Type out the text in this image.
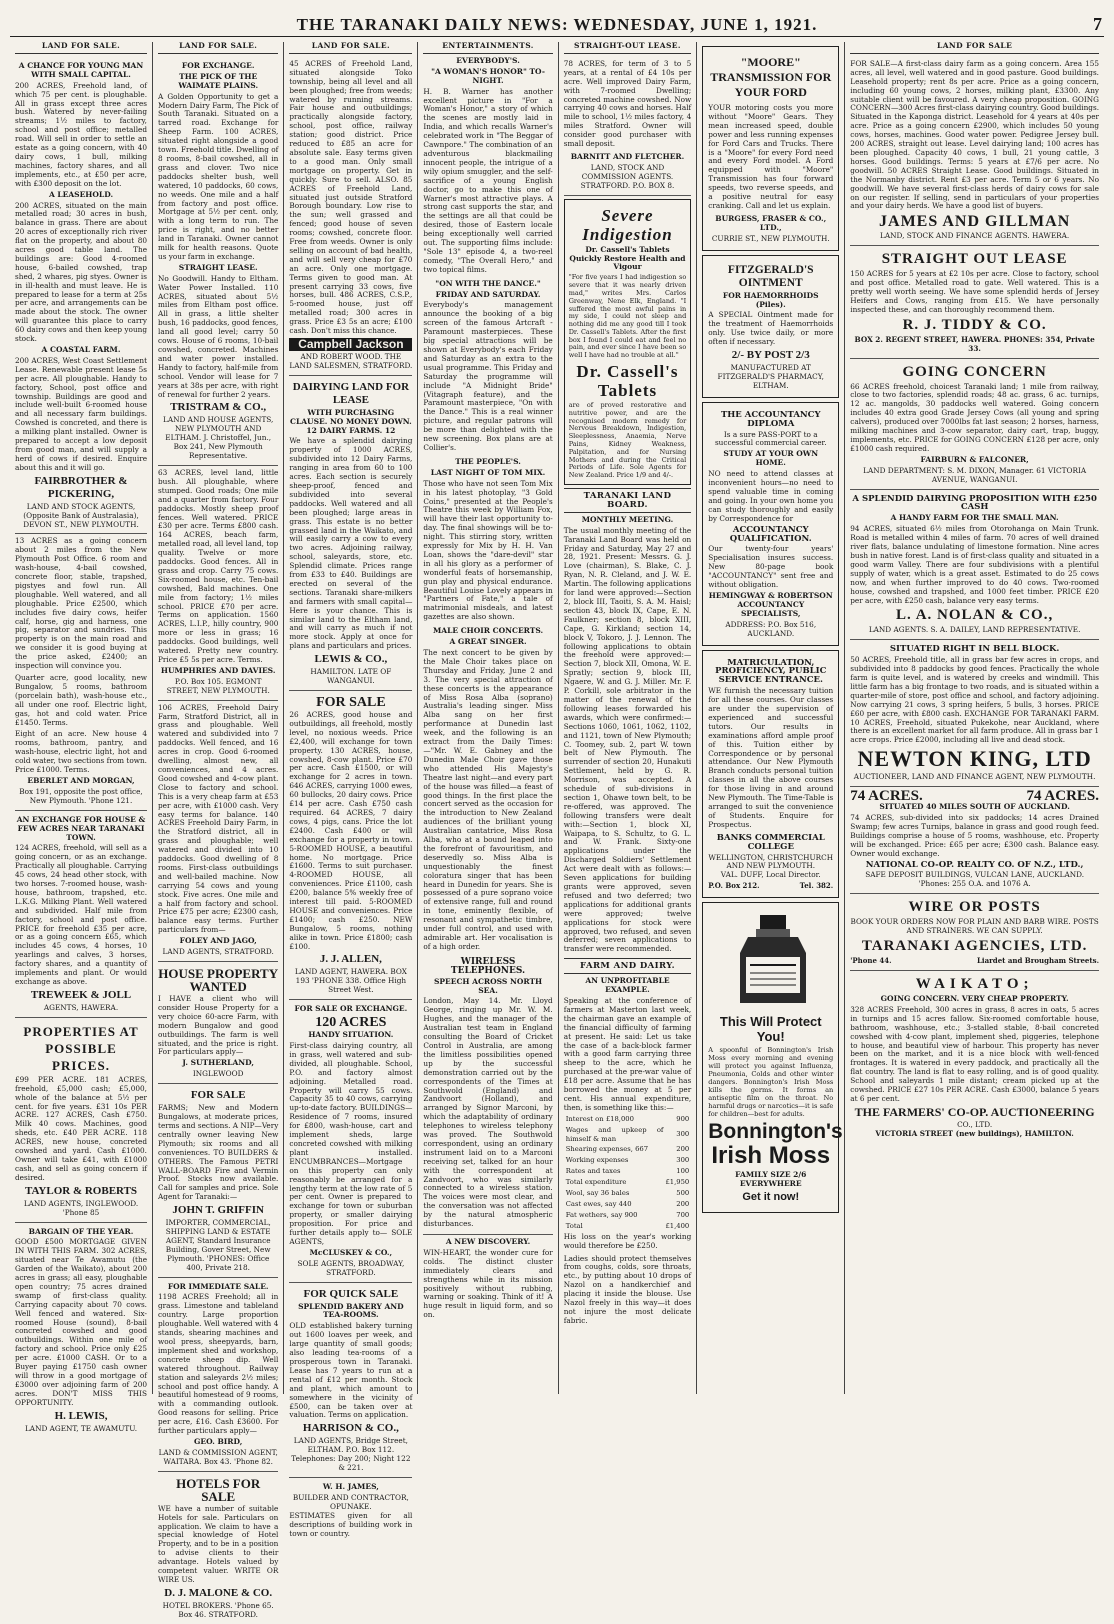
THE TARANAKI DAILY NEWS: WEDNESDAY, JUNE 1, 1921.	7
LAND FOR SALE.
A CHANCE FOR YOUNG MAN WITH SMALL CAPITAL.
200 ACRES, Freehold land, of which 75 per cent. is ploughable. All in grass except three acres bush. Watered by never-failing streams; 1½ miles to factory, school and post office; metalled road. Will sell in order to settle an estate as a going concern, with 40 dairy cows, 1 bull, milking machines, factory shares, and all implements, etc., at £50 per acre, with £300 deposit on the lot.
A LEASEHOLD.
200 ACRES, situated on the main metalled road; 30 acres in bush, balance in grass. There are about 20 acres of exceptionally rich river flat on the property, and about 80 acres good table land. The buildings are: Good 4-roomed house, 6-bailed cowshed, trap shed, 2 whares, pig styes. Owner is in ill-health and must leave. He is prepared to lease for a term at 25s per acre, and arrangements can be made about the stock. The owner will guarantee this place to carry 60 dairy cows and then keep young stock.
A COASTAL FARM.
200 ACRES, West Coast Settlement Lease. Renewable present lease 5s per acre. All ploughable. Handy to factory, School, post office and township. Buildings are good and include well-built 6-roomed house and all necessary farm buildings. Cowshed is concreted, and there is a milking plant installed. Owner is prepared to accept a low deposit from good man, and will supply a herd of cows if desired. Enquire about this and it will go.
FAIRBROTHER & PICKERING,
LAND AND STOCK AGENTS, (Opposite Bank of Australasia), DEVON ST., NEW PLYMOUTH.
13 ACRES as a going concern about 2 miles from the New Plymouth Post Office. 6 room and wash-house, 4-bail cowshed, concrete floor, stable, trapshed, pigstyes and fowl run. All ploughable. Well watered, and all ploughable. Price £2500, which includes five dairy cows, heifer calf, horse, gig and harness, one pig, separator and sundries. This property is on the main road and we consider it is good buying at the price asked, £2400; an inspection will convince you.
Quarter acre, good locality, new Bungalow, 5 rooms, bathroom (porcelain bath), wash-house etc., all under one roof. Electric light, gas, hot and cold water. Price £1450. Terms.
Eight of an acre. New house 4 rooms, bathroom, pantry, and wash-house, electric light, hot and cold water, two sections from town. Price £1000. Terms.
EBERLET AND MORGAN,
Box 191, opposite the post office, New Plymouth. 'Phone 121.
AN EXCHANGE FOR HOUSE & FEW ACRES NEAR TARANAKI TOWN.
124 ACRES, freehold, will sell as a going concern, or as an exchange. Practically all ploughable. Carrying 45 cows, 24 head other stock, with two horses. 7-roomed house, wash-house, bathroom, trapshed, etc. L.K.G. Milking Plant. Well watered and subdivided. Half mile from factory, school and post office. PRICE for freehold £35 per acre, or as a going concern £65, which includes 45 cows, 4 horses, 10 yearlings and calves, 3 horses, factory shares, and a quantity of implements and plant. Or would exchange as above.
TREWEEK & JOLL
AGENTS, HAWERA.
PROPERTIES AT POSSIBLE PRICES.
£99 PER ACRE. 181 ACRES, freehold, £5,000 cash; £5,000, whole of the balance at 5½ per cent. for five years. £31 10s PER ACRE. 127 ACRES, Cash £750. Milk 40 cows. Machines, good sheds, etc. £40 PER ACRE. 118 ACRES, new house, concreted cowshed and yard. Cash £1000. Owner will take £41, with £1000 cash, and sell as going concern if desired.
TAYLOR & ROBERTS
LAND AGENTS, INGLEWOOD. 'Phone 85
BARGAIN OF THE YEAR.
GOOD £500 MORTGAGE GIVEN IN WITH THIS FARM. 302 ACRES, situated near Te Awamutu (the Garden of the Waikato), about 200 acres in grass; all easy, ploughable open country; 75 acres drained swamp of first-class quality. Carrying capacity about 70 cows. Well fenced and watered. Six-roomed House (sound), 8-bail concreted cowshed and good outbuildings. Within one mile of factory and school. Price only £25 per acre. £1000 CASH. Or to a Buyer paying £1750 cash owner will throw in a good mortgage of £3000 over adjoining farm of 200 acres. DON'T MISS THIS OPPORTUNITY.
H. LEWIS,
LAND AGENT, TE AWAMUTU.
LAND FOR SALE.
FOR EXCHANGE.
THE PICK OF THE WAIMATE PLAINS.
A Golden Opportunity to get a Modern Dairy Farm, The Pick of South Taranaki. Situated on a tarred road. Exchange for Sheep Farm. 100 ACRES, situated right alongside a good town. Freehold title. Dwelling of 8 rooms, 8-bail cowshed, all in grass and clover. Two nice paddocks shelter bush, well watered, 10 paddocks, 60 cows, no weeds. One mile and a half from factory and post office. Mortgage at 5½ per cent. only, with a long term to run. The price is right, and no better land in Taranaki. Owner cannot milk for health reasons. Quote us your farm in exchange.
STRAIGHT LEASE.
No Goodwill. Handy to Eltham. Water Power Installed. 110 ACRES, situated about 5½ miles from Eltham post office. All in grass, a little shelter bush, 16 paddocks, good fences, land all good level; carry 50 cows. House of 6 rooms, 10-bail cowshed, concreted. Machines and water power installed. Handy to factory, half-mile from school. Vendor will lease for 7 years at 38s per acre, with right of renewal for further 2 years.
TRISTRAM & CO.,
LAND AND HOUSE AGENTS, NEW PLYMOUTH AND ELTHAM. J. Christoffel, Jun., Box 241, New Plymouth Representative.
63 ACRES, level land, little bush. All ploughable, where stumped. Good roads; One mile and a quarter from factory. Four paddocks. Mostly sheep proof fences. Well watered. PRICE £30 per acre. Terms £800 cash. 164 ACRES, beach farm, metalled road, all level land, top quality. Twelve or more paddocks. Good fences. All in grass and crop. Carry 75 cows. Six-roomed house, etc. Ten-bail cowshed, Bald machines. One mile from factory; 1½ miles school. PRICE £70 per acre. Terms on application. 1560 ACRES, L.I.P., hilly country, 900 more or less in grass; 16 paddocks. Good buildings, well watered. Pretty new country. Price £5 5s per acre. Terms.
HUMPHRIES AND DAVIES.
P.O. Box 105. EGMONT STREET, NEW PLYMOUTH.
106 ACRES, Freehold Dairy Farm, Stratford District, all in grass and ploughable. Well watered and subdivided into 7 paddocks. Well fenced, and 16 acres in crop. Good 6-roomed dwelling, almost new, all conveniences, and 4 acres. Good cowshed and 4-cow plant. Close to factory and school. This is a very cheap farm at £53 per acre, with £1000 cash. Very easy terms for balance. 140 ACRES Freehold Dairy Farm, in the Stratford district, all in grass and ploughable; well watered and divided into 10 paddocks. Good dwelling of 8 rooms. First-class outbuildings and well-bailed machine. Now carrying 54 cows and young stock. Five acres. One mile and a half from factory and school. Price £75 per acre; £2300 cash, balance easy terms. Further particulars from—
FOLEY AND JAGO,
LAND AGENTS, STRATFORD.
HOUSE PROPERTY WANTED
I HAVE a client who will consider House Property for a very choice 60-acre Farm, with modern Bungalow and good outbuildings. The farm is well situated, and the price is right. For particulars apply—
J. SUTHERLAND,
INGLEWOOD
FOR SALE
FARMS; New and Modern Bungalows, at moderate prices, terms and sections. A NIP—Very centrally owner leaving New Plymouth; six rooms and all conveniences. TO BUILDERS & OTHERS. The Famous PETRI WALL-BOARD Fire and Vermin Proof. Stocks now available. Call for samples and price. Sole Agent for Taranaki:—
JOHN T. GRIFFIN
IMPORTER, COMMERCIAL, SHIPPING LAND & ESTATE AGENT, Standard Insurance Building, Gover Street, New Plymouth. 'PHONES: Office 400, Private 218.
FOR IMMEDIATE SALE.
1198 ACRES Freehold; all in grass. Limestone and tableland country. Large proportion ploughable. Well watered with 4 stands, shearing machines and wool press, sheepyards, barn, implement shed and workshop, concrete sheep dip. Well watered throughout. Railway station and saleyards 2½ miles; school and post office handy. A beautiful homestead of 9 rooms, with a commanding outlook. Good reasons for selling. Price per acre, £16. Cash £3600. For further particulars apply—
GEO. BIRD,
LAND & COMMISSION AGENT, WAITARA. Box 43. 'Phone 82.
HOTELS FOR SALE
WE have a number of suitable Hotels for sale. Particulars on application. We claim to have a special knowledge of Hotel Property, and to be in a position to advise clients to their advantage. Hotels valued by competent valuer. WRITE OR WIRE US.
D. J. MALONE & CO.
HOTEL BROKERS. 'Phone 65. Box 46. STRATFORD.
LAND FOR SALE.
45 ACRES of Freehold Land, situated alongside Toko township, being all level and all been ploughed; free from weeds; watered by running streams. Fair house and outbuildings; practically alongside factory, school, post office, railway station; good district. Price reduced to £85 an acre for absolute sale. Easy terms given to a good man. Only small mortgage on property. Get in quickly. Sure to sell. ALSO. 85 ACRES of Freehold Land, situated just outside Stratford Borough boundary. Low rise to the sun; well grassed and fenced; good house of seven rooms; cowshed, concrete floor. Free from weeds. Owner is only selling on account of bad health, and will sell very cheap for £70 an acre. Only one mortgage. Terms given to good man. At present carrying 33 cows, five horses, bull. 486 ACRES, C.S.P., 5-roomed house, just off metalled road; 300 acres in grass. Price £3 5s an acre; £100 cash. Don't miss this chance.
Campbell Jackson
AND ROBERT WOOD. THE LAND SALESMEN, STRATFORD.
DAIRYING LAND FOR LEASE
WITH PURCHASING CLAUSE. NO MONEY DOWN. 12 DAIRY FARMS. 12
We have a splendid dairying property of 1000 ACRES, subdivided into 12 Dairy Farms, ranging in area from 60 to 100 acres. Each section is securely sheep-proof, fenced and subdivided into several paddocks. Well watered and all been ploughed; large areas in grass. This estate is no better grassed land in the Waikato, and will easily carry a cow to every two acres. Adjoining railway, school, saleyards, store, etc. Splendid climate. Prices range from £33 to £40. Buildings are erected on several of the sections. Taranaki share-milkers and farmers with small capital—Here is your chance. This is similar land to the Eltham land, and will carry as much if not more stock. Apply at once for plans and particulars and prices.
LEWIS & CO.,
HAMILTON. LATE OF WANGANUI.
FOR SALE
26 ACRES, good house and outbuildings, all freehold, mostly level, no noxious weeds. Price £2,400, will exchange for town property. 130 ACRES, house, cowshed, 8-cow plant. Price £70 per acre. Cash £1500, or will exchange for 2 acres in town. 646 ACRES, carrying 1000 ewes, 60 bullocks, 20 dairy cows. Price £14 per acre. Cash £750 cash required. 64 ACRES, 7 dairy cows, 4 pigs, cans. Price the lot £2400. Cash £400 or will exchange for a property in town. 5-ROOMED HOUSE, a beautiful home. No mortgage. Price £1600. Terms to suit purchaser. 4-ROOMED HOUSE, all conveniences. Price £1100, cash £200, balance 5% weekly free of interest till paid. 5-ROOMED HOUSE and conveniences. Price £1400; cash £250. NEW Bungalow, 5 rooms, nothing alike in town. Price £1800; cash £100.
J. J. ALLEN,
LAND AGENT, HAWERA. BOX 193 'PHONE 338. Office High Street West.
FOR SALE OR EXCHANGE.
120 ACRES
HANDY SITUATION.
First-class dairying country, all in grass, well watered and sub-divided, all ploughable. School, P.O. and factory almost adjoining. Metalled road. Property will carry 55 cows. Capacity 35 to 40 cows, carrying up-to-date factory. BUILDINGS—Residence of 7 rooms, insured for £800, wash-house, cart and implement sheds, large concreted cowshed with milking plant installed. ENCUMBRANCES—Mortgage on this property can only reasonably be arranged for a lengthy term at the low rate of 5 per cent. Owner is prepared to exchange for town or suburban property, or smaller dairying proposition. For price and further details apply to— SOLE AGENTS,
McCLUSKEY & CO.,
SOLE AGENTS, BROADWAY, STRATFORD.
FOR QUICK SALE
SPLENDID BAKERY AND TEA-ROOMS.
OLD established bakery turning out 1600 loaves per week, and large quantity of small goods; also leading tea-rooms of a prosperous town in Taranaki. Lease has 7 years to run at a rental of £12 per month. Stock and plant, which amount to somewhere in the vicinity of £500, can be taken over at valuation. Terms on application.
HARRISON & CO.,
LAND AGENTS, Bridge Street, ELTHAM. P.O. Box 112. Telephones: Day 200; Night 122 & 221.
W. H. JAMES,
BUILDER AND CONTRACTOR, OPUNAKE.
ESTIMATES given for all descriptions of building work in town or country.
ENTERTAINMENTS.
EVERYBODY'S.
"A WOMAN'S HONOR" TO-NIGHT.
H. B. Warner has another excellent picture in "For a Woman's Honor," a story of which the scenes are mostly laid in India, and which recalls Warner's celebrated work in "The Beggar of Cawnpore." The combination of an adventurous blackmailing innocent people, the intrigue of a wily opium smuggler, and the self-sacrifice of a young English doctor, go to make this one of Warner's most attractive plays. A strong cast supports the star, and the settings are all that could be desired, those of Eastern locale being exceptionally well carried out. The supporting films include: "Sole 13" episode 4, a two-reel comedy, "The Overall Hero," and two topical films.
"ON WITH THE DANCE."
FRIDAY AND SATURDAY.
Everybody's management announce the booking of a big screen of the famous Artcraft - Paramount masterpieces. These big special attractions will be shown at Everybody's each Friday and Saturday as an extra to the usual programme. This Friday and Saturday the programme will include "A Midnight Bride" (Vitagraph feature), and the Paramount masterpiece, "On with the Dance." This is a real winner picture, and regular patrons will be more than delighted with the new screening. Box plans are at Collier's.
THE PEOPLE'S.
LAST NIGHT OF TOM MIX.
Those who have not seen Tom Mix in his latest photoplay, "3 Gold Coins," presented at the People's Theatre this week by William Fox, will have their last opportunity to-day. The final showings will be to-night. This stirring story, written expressly for Mix by H. H. Van Loan, shows the "dare-devil" star in all his glory as a performer of wonderful feats of horsemanship, gun play and physical endurance. Beautiful Louise Lovely appears in "Partners of Fate," a tale of matrimonial misdeals, and latest gazettes are also shown.
MALE CHOIR CONCERTS.
A GREAT SINGER.
The next concert to be given by the Male Choir takes place on Thursday and Friday, June 2 and 3. The very special attraction of these concerts is the appearance of Miss Rosa Alba (soprano) Australia's leading singer. Miss Alba sang on her first performance at Dunedin last week, and the following is an extract from the Daily Times:—"Mr. W. E. Gabney and the Dunedin Male Choir gave those who attended His Majesty's Theatre last night—and every part of the house was filled—a feast of good things. In the first place the concert served as the occasion for the introduction to New Zealand audiences of the brilliant young Australian cantatrice, Miss Rosa Alba, who at a bound leaped into the forefront of favouritism, and deservedly so. Miss Alba is unquestionably the finest coloratura singer that has been heard in Dunedin for years. She is possessed of a pure soprano voice of extensive range, full and round in tone, eminently flexible, of resonant and sympathetic timbre, under full control, and used with admirable art. Her vocalisation is of a high order.
WIRELESS TELEPHONES.
SPEECH ACROSS NORTH SEA.
London, May 14. Mr. Lloyd George, ringing up Mr. W. M. Hughes, and the manager of the Australian test team in England consulting the Board of Cricket Control in Australia, are among the limitless possibilities opened up by the successful demonstration carried out by the correspondents of the Times at Southwold (England) and Zandvoort (Holland), and arranged by Signor Marconi, by which the adaptability of ordinary telephones to wireless telephony was proved. The Southwold correspondent, using an ordinary instrument laid on to a Marconi receiving set, talked for an hour with the correspondent at Zandvoort, who was similarly connected to a wireless station. The voices were most clear, and the conversation was not affected by the natural atmospheric disturbances.
A NEW DISCOVERY.
WIN-HEART, the wonder cure for colds. The distinct cluster immediately clears and strengthens while in its mission positively without rubbing, warning or soaking. Think of it! A huge result in liquid form, and so on.
STRAIGHT-OUT LEASE.
78 ACRES, for term of 3 to 5 years, at a rental of £4 10s per acre. Well improved Dairy Farm, with 7-roomed Dwelling; concreted machine cowshed. Now carrying 40 cows and horses. Half mile to school, 1½ miles factory, 4 miles Stratford. Owner will consider good purchaser with small deposit.
BARNITT AND FLETCHER.
LAND, STOCK AND COMMISSION AGENTS. STRATFORD. P.O. BOX 8.
Severe Indigestion
Dr. Cassell's Tablets Quickly Restore Health and Vigour
"For five years I had indigestion so severe that it was nearly driven mad," writes Mrs. Carlos Greenway, Nene Elk, England. "I suffered the most awful pains in my side, I could not sleep and nothing did me any good till I took Dr. Cassell's Tablets. After the first box I found I could eat and feel no pain, and ever since I have been so well I have had no trouble at all."
Dr. Cassell's Tablets
are of proved restorative and nutritive power, and are the recognised modern remedy for Nervous Breakdown, Indigestion, Sleeplessness, Anaemia, Nerve Pains, Kidney Weakness, Palpitation, and for Nursing Mothers and during the Critical Periods of Life. Sole Agents for New Zealand. Price 1/9 and 4/-.
TARANAKI LAND BOARD.
MONTHLY MEETING.
The usual monthly meeting of the Taranaki Land Board was held on Friday and Saturday, May 27 and 28, 1921. Present: Messrs. G. J. Love (chairman), S. Blake, C. J. Ryan, N. R. Cleland, and J. W. E. Martin. The following applications for land were approved:—Section 2, block III, Taoiti, S. A. M. Haisl; section 43, block IX, Cape, E. N. Faulkner; section 8, block XIII, Cape, G. Kirkland; section 14, block V, Tokoro, J. J. Lennon. The following applications to obtain the freehold were approved:—Section 7, block XII, Omona, W. E. Spratly; section 9, block III, Ngaere, W. and G. J. Miller. Mr. F. P. Corkill, sole arbitrator in the matter of the renewal of the following leases forwarded his awards, which were confirmed:—Sections 1060, 1061, 1062, 1102, and 1121, town of New Plymouth; C. Toomey, sub. 2, part W. town belt of New Plymouth. The surrender of section 20, Hunakuti Settlement, held by G. R. Morrison, was accepted. A schedule of sub-divisions in section 1, Ohawe town belt, to be re-offered, was approved. The following transfers were dealt with:—Section 1, block XI, Waipapa, to S. Schultz, to G. L. and W. Frank. Sixty-one applications under the Discharged Soldiers' Settlement Act were dealt with as follows:—Seven applications for building grants were approved, seven refused and two deferred; two applications for additional grants were approved; twelve applications for stock were approved, two refused, and seven deferred; seven applications to transfer were recommended.
FARM AND DAIRY.
AN UNPROFITABLE EXAMPLE.
Speaking at the conference of farmers at Masterton last week, the chairman gave an example of the financial difficulty of farming at present. He said: Let us take the case of a back-block farmer with a good farm carrying three sheep to the acre, which he purchased at the pre-war value of £18 per acre. Assume that he has borrowed the money at 5 per cent. His annual expenditure, then, is something like this:—
Interest on £18,000	900
Wages and upkeep of himself & man	300
Shearing expenses, 667	200
Working expenses	300
Rates and taxes	100
Total expenditure	£1,950
Wool, say 36 bales	500
Cast ewes, say 440	200
Fat wethers, say 900	700
Total	£1,400
His loss on the year's working would therefore be £250.
Ladies should protect themselves from coughs, colds, sore throats, etc., by putting about 10 drops of Nazol on a handkerchief and placing it inside the blouse. Use Nazol freely in this way—it does not injure the most delicate fabric.
"MOORE" TRANSMISSION FOR YOUR FORD
YOUR motoring costs you more without "Moore" Gears. They mean increased speed, double power and less running expenses for Ford Cars and Trucks. There is a "Moore" for every Ford need and every Ford model. A Ford equipped with "Moore" Transmission has four forward speeds, two reverse speeds, and a positive neutral for easy cranking. Call and let us explain.
BURGESS, FRASER & CO., LTD.,
CURRIE ST., NEW PLYMOUTH.
FITZGERALD'S OINTMENT
FOR HAEMORRHOIDS (Piles).
A SPECIAL Ointment made for the treatment of Haemorrhoids only. Use twice daily, or more often if necessary.
2/- BY POST 2/3
MANUFACTURED AT FITZGERALD'S PHARMACY, ELTHAM.
THE ACCOUNTANCY DIPLOMA
Is a sure PASS-PORT to a successful commercial career.
STUDY AT YOUR OWN HOME.
NO need to attend classes at inconvenient hours—no need to spend valuable time in coming and going. In your own home you can study thoroughly and easily by Correspondence for
ACCOUNTANCY QUALIFICATION.
Our twenty-four years' Specialisation insures success. New 80-page book "ACCOUNTANCY" sent free and without obligation.
HEMINGWAY & ROBERTSON ACCOUNTANCY SPECIALISTS,
ADDRESS: P.O. Box 516, AUCKLAND.
MATRICULATION, PROFICIENCY, PUBLIC SERVICE ENTRANCE.
WE furnish the necessary tuition for all these courses. Our classes are under the supervision of experienced and successful tutors. Our results in examinations afford ample proof of this. Tuition either by Correspondence or by personal attendance. Our New Plymouth Branch conducts personal tuition classes in all the above courses for those living in and around New Plymouth. The Time-Table is arranged to suit the convenience of Students. Enquire for Prospectus.
BANKS COMMERCIAL COLLEGE
WELLINGTON, CHRISTCHURCH AND NEW PLYMOUTH.
VAL. DUFF, Local Director.
P.O. Box 212.	Tel. 382.
This Will Protect You!
A spoonful of Bonnington's Irish Moss every morning and evening will protect you against Influenza, Pneumonia, Colds and other winter dangers. Bonnington's Irish Moss kills the germs. It forms an antiseptic film on the throat. No harmful drugs or narcotics—it is safe for children—best for adults.
Bonnington's
Irish Moss
FAMILY SIZE 2/6 EVERYWHERE
Get it now!
LAND FOR SALE
FOR SALE—A first-class dairy farm as a going concern. Area 155 acres, all level, well watered and in good pasture. Good buildings. Leasehold property; rent 8s per acre. Price as a going concern, including 60 young cows, 2 horses, milking plant, £3300. Any suitable client will be favoured. A very cheap proposition. GOING CONCERN—300 Acres first-class dairying country. Good buildings. Situated in the Kaponga district. Leasehold for 4 years at 40s per acre. Price as a going concern £2900, which includes 50 young cows, horses, machines. Good water power. Pedigree Jersey bull. 200 ACRES, straight out lease. Level dairying land; 100 acres has been ploughed. Capacity 40 cows, 1 bull, 21 young cattle, 3 horses. Good buildings. Terms: 5 years at £7/6 per acre. No goodwill. 50 ACRES Straight Lease. Good buildings. Situated in the Normanby district. Rent £3 per acre. Term 5 or 6 years. No goodwill. We have several first-class herds of dairy cows for sale on our register. If selling, send in particulars of your properties and your dairy herds. We have a good list of buyers.
JAMES AND GILLMAN
LAND, STOCK AND FINANCE AGENTS. HAWERA.
STRAIGHT OUT LEASE
150 ACRES for 5 years at £2 10s per acre. Close to factory, school and post office. Metalled road to gate. Well watered. This is a pretty well worth seeing. We have some splendid herds of Jersey Heifers and Cows, ranging from £15. We have personally inspected these, and can thoroughly recommend them.
R. J. TIDDY & CO.
BOX 2. REGENT STREET, HAWERA. PHONES: 354, Private 33.
GOING CONCERN
66 ACRES freehold, choicest Taranaki land; 1 mile from railway, close to two factories, splendid roads; 48 ac. grass, 6 ac. turnips, 12 ac. mangolds, 30 paddocks well watered. Going concern includes 40 extra good Grade Jersey Cows (all young and spring calvers), produced over 7000lbs fat last season; 2 horses, harness, milking machines and 3-cow separator, dairy cart, trap, buggy, implements, etc. PRICE for GOING CONCERN £128 per acre, only £1000 cash required.
FAIRBURN & FALCONER,
LAND DEPARTMENT: S. M. DIXON, Manager. 61 VICTORIA AVENUE, WANGANUI.
A SPLENDID DAIRYING PROPOSITION WITH £250 CASH
A HANDY FARM FOR THE SMALL MAN.
94 ACRES, situated 6½ miles from Otorohanga on Main Trunk. Road is metalled within 4 miles of farm. 70 acres of well drained river flats, balance undulating of limestone formation. Nine acres bush in native forest. Land is of first-class quality and situated in a good warm Valley. There are four subdivisions with a plentiful supply of water, which is a great asset. Estimated to do 25 cows now, and when further improved to do 40 cows. Two-roomed house, cowshed and trapshed, and 1000 feet timber. PRICE £20 per acre, with £250 cash, balance very easy terms.
L. A. NOLAN & CO.,
LAND AGENTS. S. A. DAILEY, LAND REPRESENTATIVE.
SITUATED RIGHT IN BELL BLOCK.
50 ACRES, Freehold title, all in grass bar few acres in crops, and subdivided into 8 paddocks by good fences. Practically the whole farm is quite level, and is watered by creeks and windmill. This little farm has a big frontage to two roads, and is situated within a quarter-mile of store, post office and school, and factory adjoining. Now carrying 21 cows, 3 spring heifers, 5 bulls, 3 horses. PRICE £60 per acre, with £800 cash. EXCHANGE FOR TARANAKI FARM. 10 ACRES, Freehold, situated Pukekohe, near Auckland, where there is an excellent market for all farm produce. All in grass bar 1 acre crops. Price £2000, including all live and dead stock.
NEWTON KING, LTD
AUCTIONEER, LAND AND FINANCE AGENT, NEW PLYMOUTH.
74 ACRES.	74 ACRES.
SITUATED 40 MILES SOUTH OF AUCKLAND.
74 ACRES, sub-divided into six paddocks; 14 acres Drained Swamp; few acres Turnips, balance in grass and good rough feed. Buildings comprise a house of 5 rooms, washhouse, etc. Property will be exchanged. Price: £65 per acre; £300 cash. Balance easy. Owner would exchange.
NATIONAL CO-OP. REALTY CO. OF N.Z., LTD.,
SAFE DEPOSIT BUILDINGS, VULCAN LANE, AUCKLAND. 'Phones: 255 O.A. and 1076 A.
WIRE OR POSTS
BOOK YOUR ORDERS NOW FOR PLAIN AND BARB WIRE. POSTS AND STRAINERS. WE CAN SUPPLY.
TARANAKI AGENCIES, LTD.
'Phone 44.	Liardet and Brougham Streets.
WAIKATO;
GOING CONCERN. VERY CHEAP PROPERTY.
328 ACRES Freehold, 300 acres in grass, 8 acres in oats, 5 acres in turnips and 15 acres fallow. Six-roomed comfortable house, bathroom, washhouse, etc.; 3-stalled stable, 8-bail concreted cowshed with 4-cow plant, implement shed, piggeries, telephone to house, and beautiful view of harbour. This property has never been on the market, and it is a nice block with well-fenced frontages. It is watered in every paddock, and practically all the flat country. The land is flat to easy rolling, and is of good quality. School and saleyards 1 mile distant; cream picked up at the cowshed. PRICE £27 10s PER ACRE. Cash £3000, balance 5 years at 6 per cent.
THE FARMERS' CO-OP. AUCTIONEERING
CO., LTD.
VICTORIA STREET (new buildings), HAMILTON.
